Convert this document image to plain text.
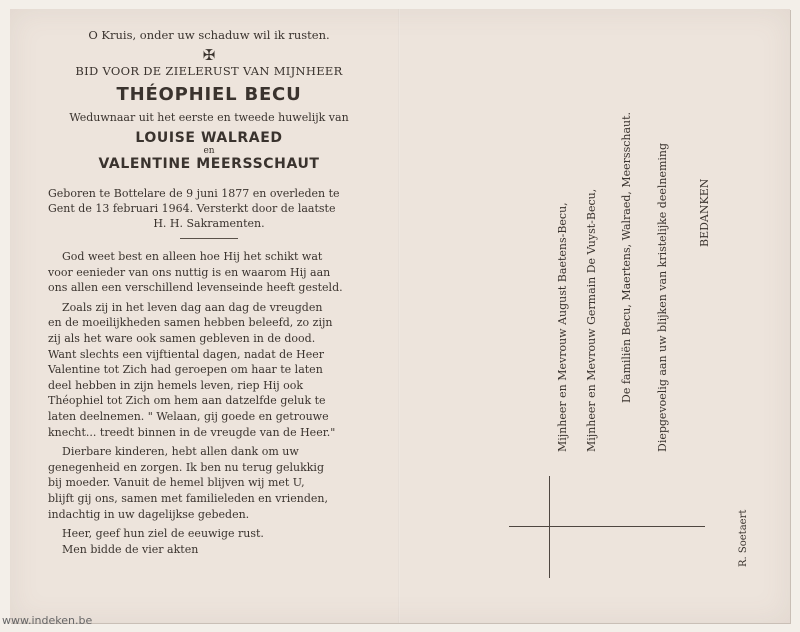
O Kruis, onder uw schaduw wil ik rusten.
✠
BID VOOR DE ZIELERUST VAN MIJNHEER
THÉOPHIEL BECU
Weduwnaar uit het eerste en tweede huwelijk van
LOUISE WALRAED
en
VALENTINE MEERSSCHAUT
Geboren te Bottelare de 9 juni 1877 en overleden te
Gent de 13 februari 1964. Versterkt door de laatste
H. H. Sakramenten.
God weet best en alleen hoe Hij het schikt wat
voor eenieder van ons nuttig is en waarom Hij aan
ons allen een verschillend levenseinde heeft gesteld.
Zoals zij in het leven dag aan dag de vreugden
en de moeilijkheden samen hebben beleefd, zo zijn
zij als het ware ook samen gebleven in de dood.
Want slechts een vijftiental dagen, nadat de Heer
Valentine tot Zich had geroepen om haar te laten
deel hebben in zijn hemels leven, riep Hij ook
Théophiel tot Zich om hem aan datzelfde geluk te
laten deelnemen. " Welaan, gij goede en getrouwe
knecht... treedt binnen in de vreugde van de Heer."
Dierbare kinderen, hebt allen dank om uw
genegenheid en zorgen. Ik ben nu terug gelukkig
bij moeder. Vanuit de hemel blijven wij met U,
blijft gij ons, samen met familieleden en vrienden,
indachtig in uw dagelijkse gebeden.
Heer, geef hun ziel de eeuwige rust.
Men bidde de vier akten
Mijnheer en Mevrouw August Baetens-Becu, Mijnheer en Mevrouw Germain De Vuyst-Becu, De familiën Becu, Maertens, Walraed, Meersschaut. Diepgevoelig aan uw blijken van kristelijke deelneming	BEDANKEN
R. Soetaert
www.indeken.be
